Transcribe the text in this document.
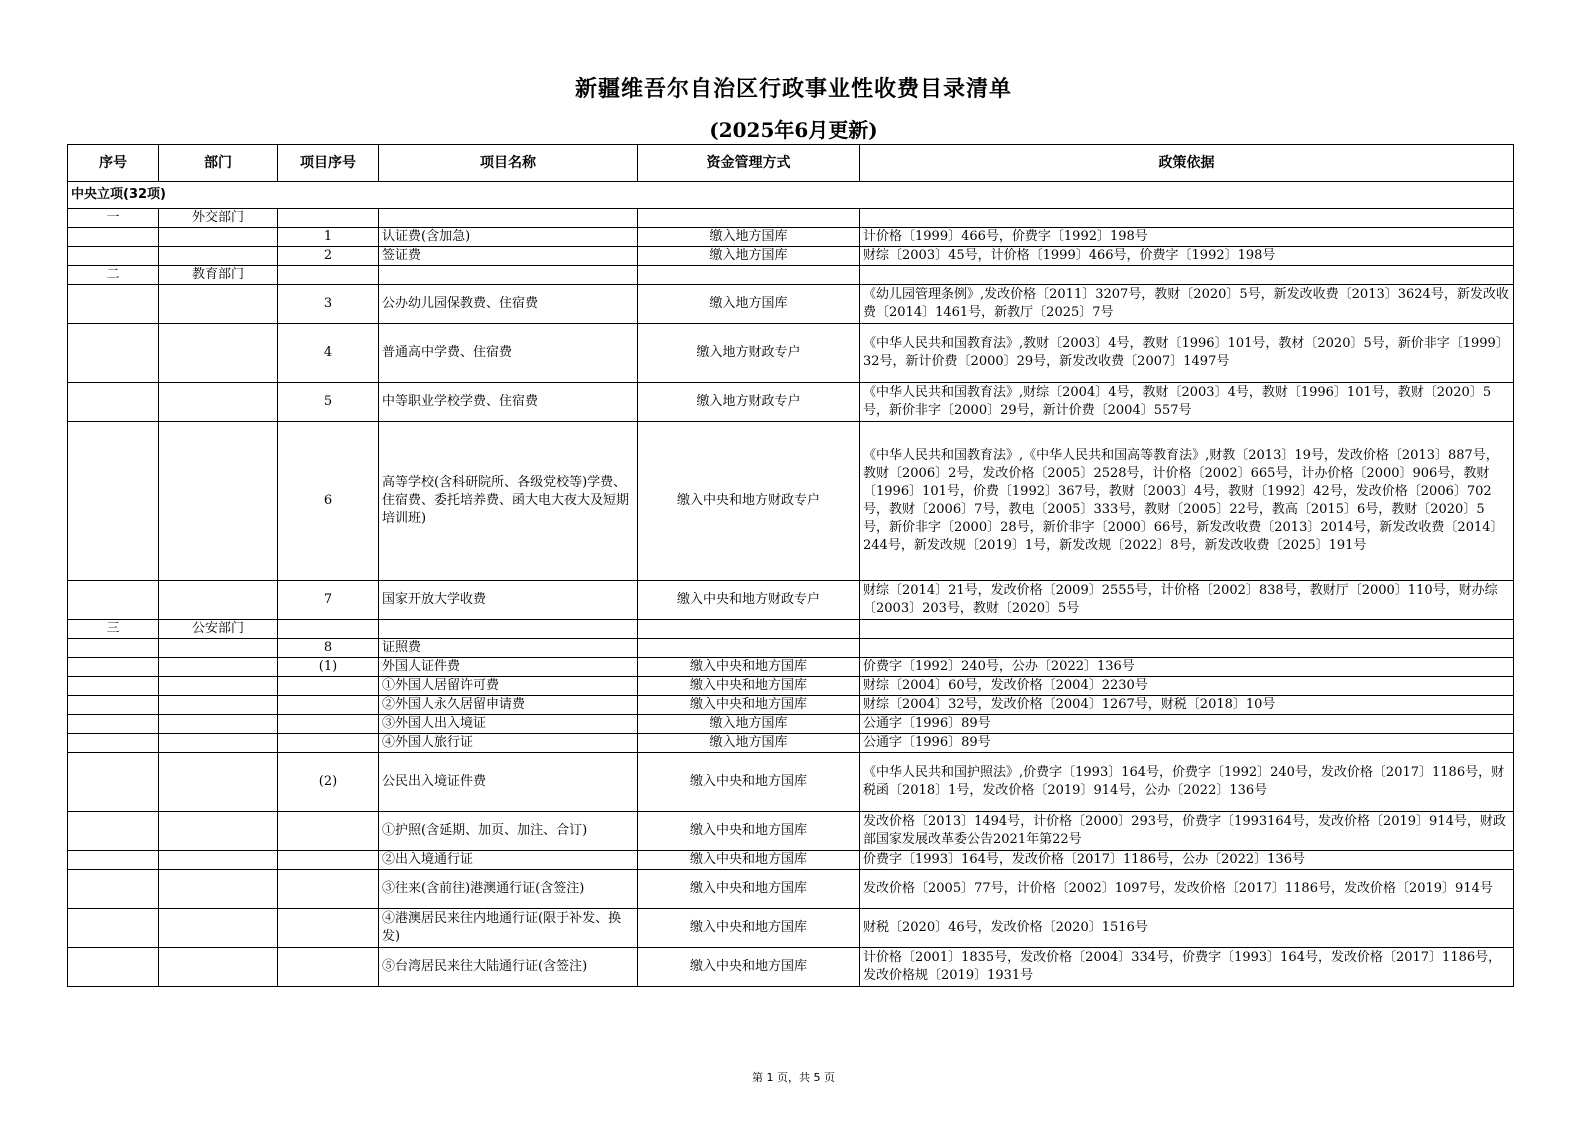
新疆维吾尔自治区行政事业性收费目录清单
(2025年6月更新)
序号	部门	项目序号	项目名称	资金管理方式	政策依据
中央立项(32项)					
一	外交部门				
		1	认证费(含加急)	缴入地方国库	计价格〔1999〕466号，价费字〔1992〕198号
		2	签证费	缴入地方国库	财综〔2003〕45号，计价格〔1999〕466号，价费字〔1992〕198号
二	教育部门				
		3	公办幼儿园保教费、住宿费	缴入地方国库	《幼儿园管理条例》,发改价格〔2011〕3207号，教财〔2020〕5号，新发改收费〔2013〕3624号，新发改收费〔2014〕1461号，新教厅〔2025〕7号
		4	普通高中学费、住宿费	缴入地方财政专户	《中华人民共和国教育法》,教财〔2003〕4号，教财〔1996〕101号，教材〔2020〕5号，新价非字〔1999〕32号，新计价费〔2000〕29号，新发改收费〔2007〕1497号
		5	中等职业学校学费、住宿费	缴入地方财政专户	《中华人民共和国教育法》,财综〔2004〕4号，教财〔2003〕4号，教财〔1996〕101号，教财〔2020〕5号，新价非字〔2000〕29号，新计价费〔2004〕557号
		6	高等学校(含科研院所、各级党校等)学费、住宿费、委托培养费、函大电大夜大及短期培训班)	缴入中央和地方财政专户	《中华人民共和国教育法》,《中华人民共和国高等教育法》,财教〔2013〕19号，发改价格〔2013〕887号，教财〔2006〕2号，发改价格〔2005〕2528号，计价格〔2002〕665号，计办价格〔2000〕906号，教财〔1996〕101号，价费〔1992〕367号，教财〔2003〕4号，教财〔1992〕42号，发改价格〔2006〕702号，教财〔2006〕7号，教电〔2005〕333号，教财〔2005〕22号，教高〔2015〕6号，教财〔2020〕5号，新价非字〔2000〕28号，新价非字〔2000〕66号，新发改收费〔2013〕2014号，新发改收费〔2014〕244号，新发改规〔2019〕1号，新发改规〔2022〕8号，新发改收费〔2025〕191号
		7	国家开放大学收费	缴入中央和地方财政专户	财综〔2014〕21号，发改价格〔2009〕2555号，计价格〔2002〕838号，教财厅〔2000〕110号，财办综〔2003〕203号，教财〔2020〕5号
三	公安部门				
		8	证照费		
		(1)	外国人证件费	缴入中央和地方国库	价费字〔1992〕240号，公办〔2022〕136号
			①外国人居留许可费	缴入中央和地方国库	财综〔2004〕60号，发改价格〔2004〕2230号
			②外国人永久居留申请费	缴入中央和地方国库	财综〔2004〕32号，发改价格〔2004〕1267号，财税〔2018〕10号
			③外国人出入境证	缴入地方国库	公通字〔1996〕89号
			④外国人旅行证	缴入地方国库	公通字〔1996〕89号
		(2)	公民出入境证件费	缴入中央和地方国库	《中华人民共和国护照法》,价费字〔1993〕164号，价费字〔1992〕240号，发改价格〔2017〕1186号，财税函〔2018〕1号，发改价格〔2019〕914号，公办〔2022〕136号
			①护照(含延期、加页、加注、合订)	缴入中央和地方国库	发改价格〔2013〕1494号，计价格〔2000〕293号，价费字〔1993164号，发改价格〔2019〕914号，财政部国家发展改革委公告2021年第22号
			②出入境通行证	缴入中央和地方国库	价费字〔1993〕164号，发改价格〔2017〕1186号，公办〔2022〕136号
			③往来(含前往)港澳通行证(含签注)	缴入中央和地方国库	发改价格〔2005〕77号，计价格〔2002〕1097号，发改价格〔2017〕1186号，发改价格〔2019〕914号
			④港澳居民来往内地通行证(限于补发、换发)	缴入中央和地方国库	财税〔2020〕46号，发改价格〔2020〕1516号
			⑤台湾居民来往大陆通行证(含签注)	缴入中央和地方国库	计价格〔2001〕1835号，发改价格〔2004〕334号，价费字〔1993〕164号，发改价格〔2017〕1186号，发改价格规〔2019〕1931号
第 1 页，共 5 页
